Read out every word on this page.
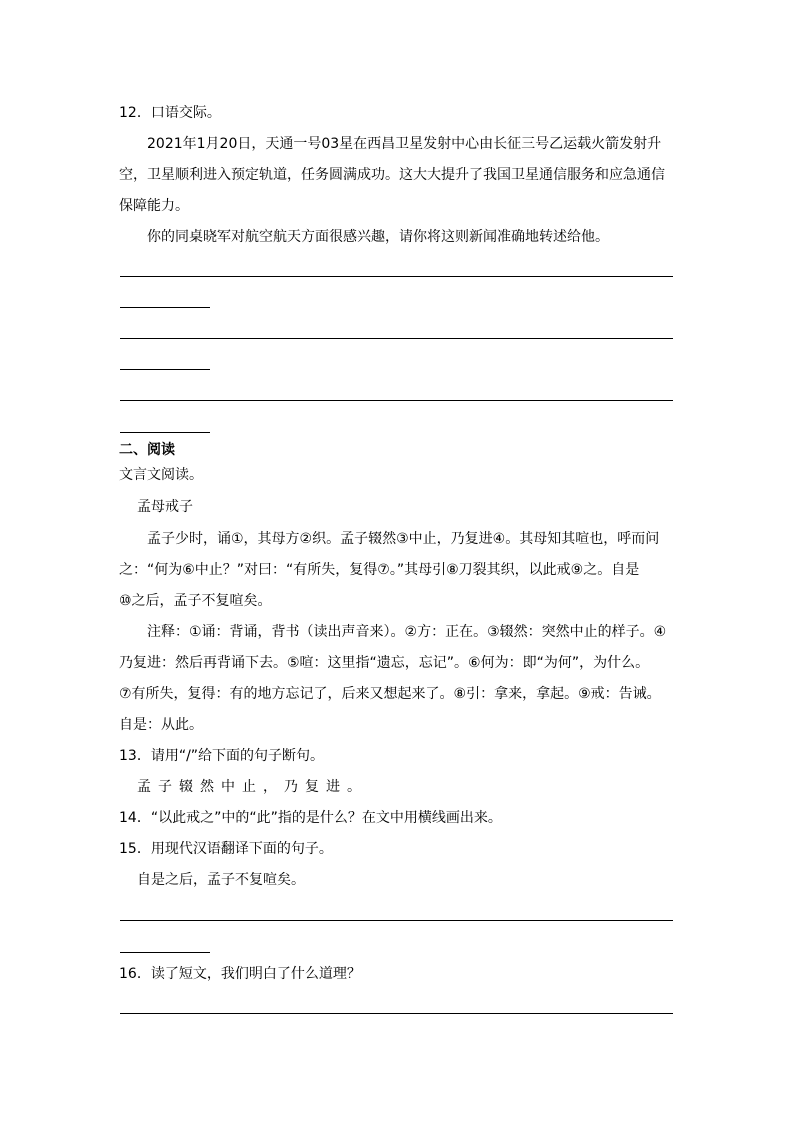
12．口语交际。
2021年1月20日，天通一号03星在西昌卫星发射中心由长征三号乙运载火箭发射升
空，卫星顺利进入预定轨道，任务圆满成功。这大大提升了我国卫星通信服务和应急通信
保障能力。
你的同桌晓军对航空航天方面很感兴趣，请你将这则新闻准确地转述给他。
二、阅读
文言文阅读。
孟母戒子
孟子少时，诵①，其母方②织。孟子辍然③中止，乃复进④。其母知其喧也，呼而问
之：“何为⑥中止？”对曰：“有所失，复得⑦。”其母引⑧刀裂其织，以此戒⑨之。自是
⑩之后，孟子不复喧矣。
注释：①诵：背诵，背书（读出声音来）。②方：正在。③辍然：突然中止的样子。④
乃复进：然后再背诵下去。⑤喧：这里指“遗忘，忘记”。⑥何为：即“为何”，为什么。
⑦有所失，复得：有的地方忘记了，后来又想起来了。⑧引：拿来，拿起。⑨戒：告诫。
自是：从此。
13．请用“/”给下面的句子断句。
孟子辍然中止，乃复进。
14．“以此戒之”中的“此”指的是什么？在文中用横线画出来。
15．用现代汉语翻译下面的句子。
自是之后，孟子不复喧矣。
16．读了短文，我们明白了什么道理？
